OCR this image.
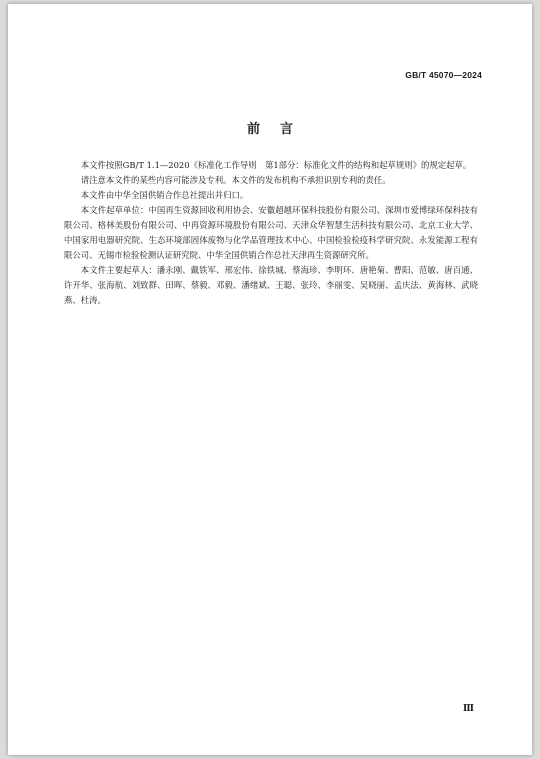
GB/T 45070—2024
前言

本文件按照GB/T 1.1—2020《标准化工作导则　第1部分：标准化文件的结构和起草规则》的规定起草。

请注意本文件的某些内容可能涉及专利。本文件的发布机构不承担识别专利的责任。

本文件由中华全国供销合作总社提出并归口。

本文件起草单位：中国再生资源回收利用协会、安徽超越环保科技股份有限公司、深圳市爱博绿环保科技有限公司、格林美股份有限公司、中再资源环境股份有限公司、天津众华智慧生活科技有限公司、北京工业大学、中国家用电器研究院、生态环境部固体废物与化学品管理技术中心、中国检验检疫科学研究院、永发能源工程有限公司、无锡市检验检测认证研究院、中华全国供销合作总社天津再生资源研究所。

本文件主要起草人：潘永刚、戴铁军、邢宏伟、徐铁城、蔡海珍、李明环、唐艳菊、曹阳、范敏、唐百通、许开华、张海航、刘致群、田晖、蔡毅、邓毅、潘绪斌、王聪、张玲、李丽雯、吴晓丽、孟庆法、黄海林、武晓燕、杜涛。

Ⅲ
